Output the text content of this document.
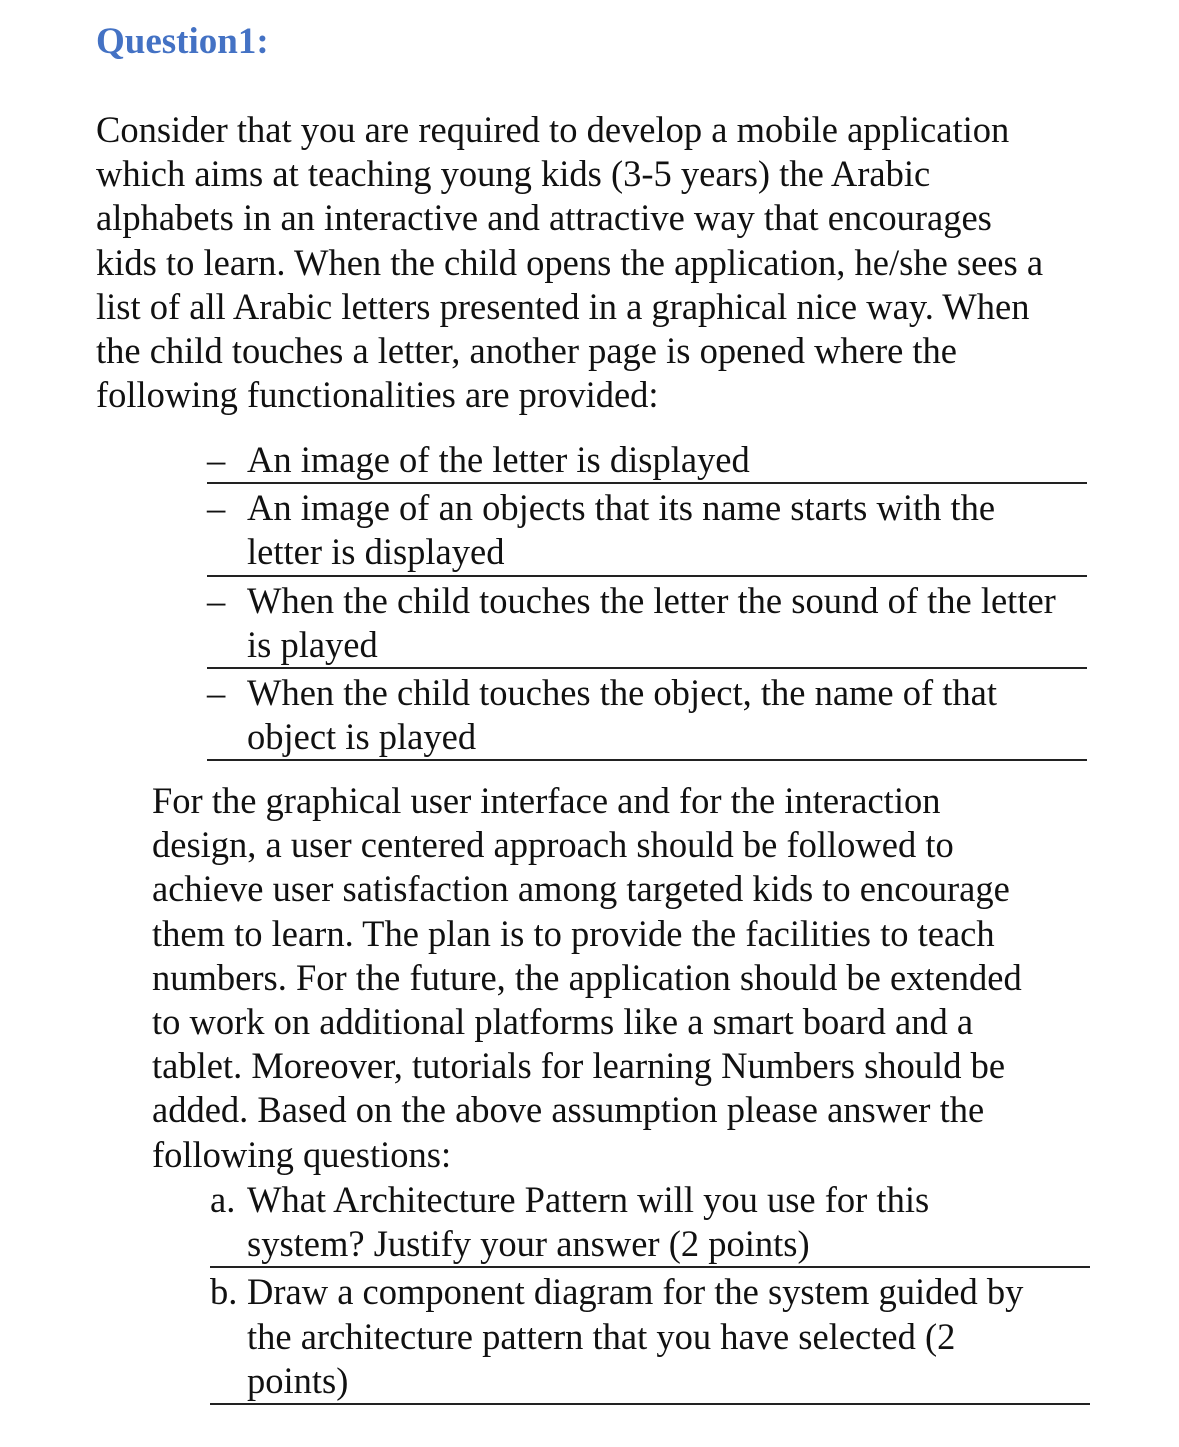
Question1:

Consider that you are required to develop a mobile application
which aims at teaching young kids (3-5 years) the Arabic
alphabets in an interactive and attractive way that encourages
kids to learn. When the child opens the application, he/she sees a
list of all Arabic letters presented in a graphical nice way. When
the child touches a letter, another page is opened where the
following functionalities are provided:

– An image of the letter is displayed
– An image of an objects that its name starts with the
letter is displayed
– When the child touches the letter the sound of the letter
is played
– When the child touches the object, the name of that
object is played

For the graphical user interface and for the interaction
design, a user centered approach should be followed to
achieve user satisfaction among targeted kids to encourage
them to learn. The plan is to provide the facilities to teach
numbers. For the future, the application should be extended
to work on additional platforms like a smart board and a
tablet. Moreover, tutorials for learning Numbers should be
added. Based on the above assumption please answer the
following questions:

a. What Architecture Pattern will you use for this
system? Justify your answer (2 points)
b. Draw a component diagram for the system guided by
the architecture pattern that you have selected (2
points)
